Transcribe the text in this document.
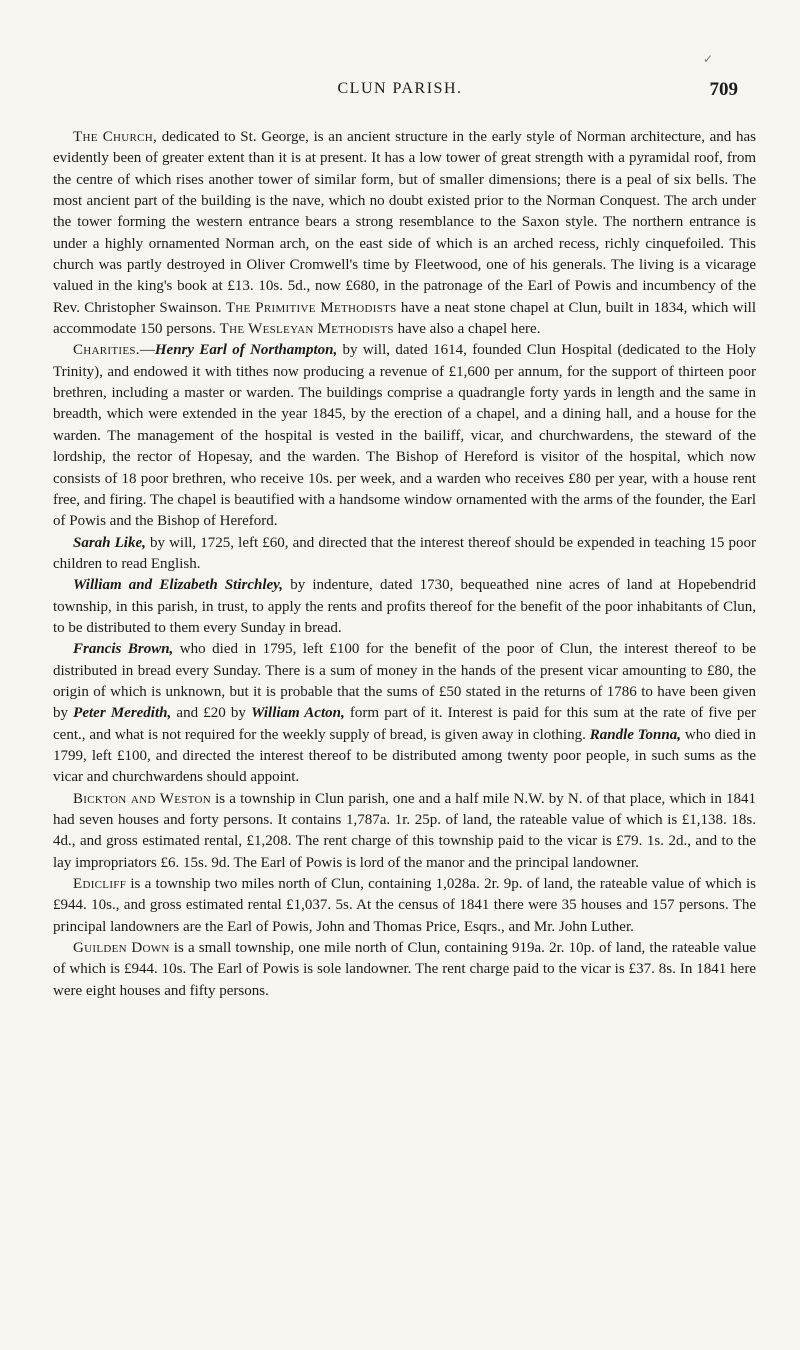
✓
CLUN PARISH.	709

The Church, dedicated to St. George, is an ancient structure in the early style of Norman architecture, and has evidently been of greater extent than it is at present. It has a low tower of great strength with a pyramidal roof, from the centre of which rises another tower of similar form, but of smaller dimensions; there is a peal of six bells. The most ancient part of the building is the nave, which no doubt existed prior to the Norman Conquest. The arch under the tower forming the western entrance bears a strong resemblance to the Saxon style. The northern entrance is under a highly ornamented Norman arch, on the east side of which is an arched recess, richly cinquefoiled. This church was partly destroyed in Oliver Cromwell's time by Fleetwood, one of his generals. The living is a vicarage valued in the king's book at £13. 10s. 5d., now £680, in the patronage of the Earl of Powis and incumbency of the Rev. Christopher Swainson. The Primitive Methodists have a neat stone chapel at Clun, built in 1834, which will accommodate 150 persons. The Wesleyan Methodists have also a chapel here.

Charities.—Henry Earl of Northampton, by will, dated 1614, founded Clun Hospital (dedicated to the Holy Trinity), and endowed it with tithes now producing a revenue of £1,600 per annum, for the support of thirteen poor brethren, including a master or warden. The buildings comprise a quadrangle forty yards in length and the same in breadth, which were extended in the year 1845, by the erection of a chapel, and a dining hall, and a house for the warden. The management of the hospital is vested in the bailiff, vicar, and churchwardens, the steward of the lordship, the rector of Hopesay, and the warden. The Bishop of Hereford is visitor of the hospital, which now consists of 18 poor brethren, who receive 10s. per week, and a warden who receives £80 per year, with a house rent free, and firing. The chapel is beautified with a handsome window ornamented with the arms of the founder, the Earl of Powis and the Bishop of Hereford.

Sarah Like, by will, 1725, left £60, and directed that the interest thereof should be expended in teaching 15 poor children to read English.

William and Elizabeth Stirchley, by indenture, dated 1730, bequeathed nine acres of land at Hopebendrid township, in this parish, in trust, to apply the rents and profits thereof for the benefit of the poor inhabitants of Clun, to be distributed to them every Sunday in bread.

Francis Brown, who died in 1795, left £100 for the benefit of the poor of Clun, the interest thereof to be distributed in bread every Sunday. There is a sum of money in the hands of the present vicar amounting to £80, the origin of which is unknown, but it is probable that the sums of £50 stated in the returns of 1786 to have been given by Peter Meredith, and £20 by William Acton, form part of it. Interest is paid for this sum at the rate of five per cent., and what is not required for the weekly supply of bread, is given away in clothing. Randle Tonna, who died in 1799, left £100, and directed the interest thereof to be distributed among twenty poor people, in such sums as the vicar and churchwardens should appoint.

Bickton and Weston is a township in Clun parish, one and a half mile N.W. by N. of that place, which in 1841 had seven houses and forty persons. It contains 1,787a. 1r. 25p. of land, the rateable value of which is £1,138. 18s. 4d., and gross estimated rental, £1,208. The rent charge of this township paid to the vicar is £79. 1s. 2d., and to the lay impropriators £6. 15s. 9d. The Earl of Powis is lord of the manor and the principal landowner.

Edicliff is a township two miles north of Clun, containing 1,028a. 2r. 9p. of land, the rateable value of which is £944. 10s., and gross estimated rental £1,037. 5s. At the census of 1841 there were 35 houses and 157 persons. The principal landowners are the Earl of Powis, John and Thomas Price, Esqrs., and Mr. John Luther.

Guilden Down is a small township, one mile north of Clun, containing 919a. 2r. 10p. of land, the rateable value of which is £944. 10s. The Earl of Powis is sole landowner. The rent charge paid to the vicar is £37. 8s. In 1841 here were eight houses and fifty persons.
